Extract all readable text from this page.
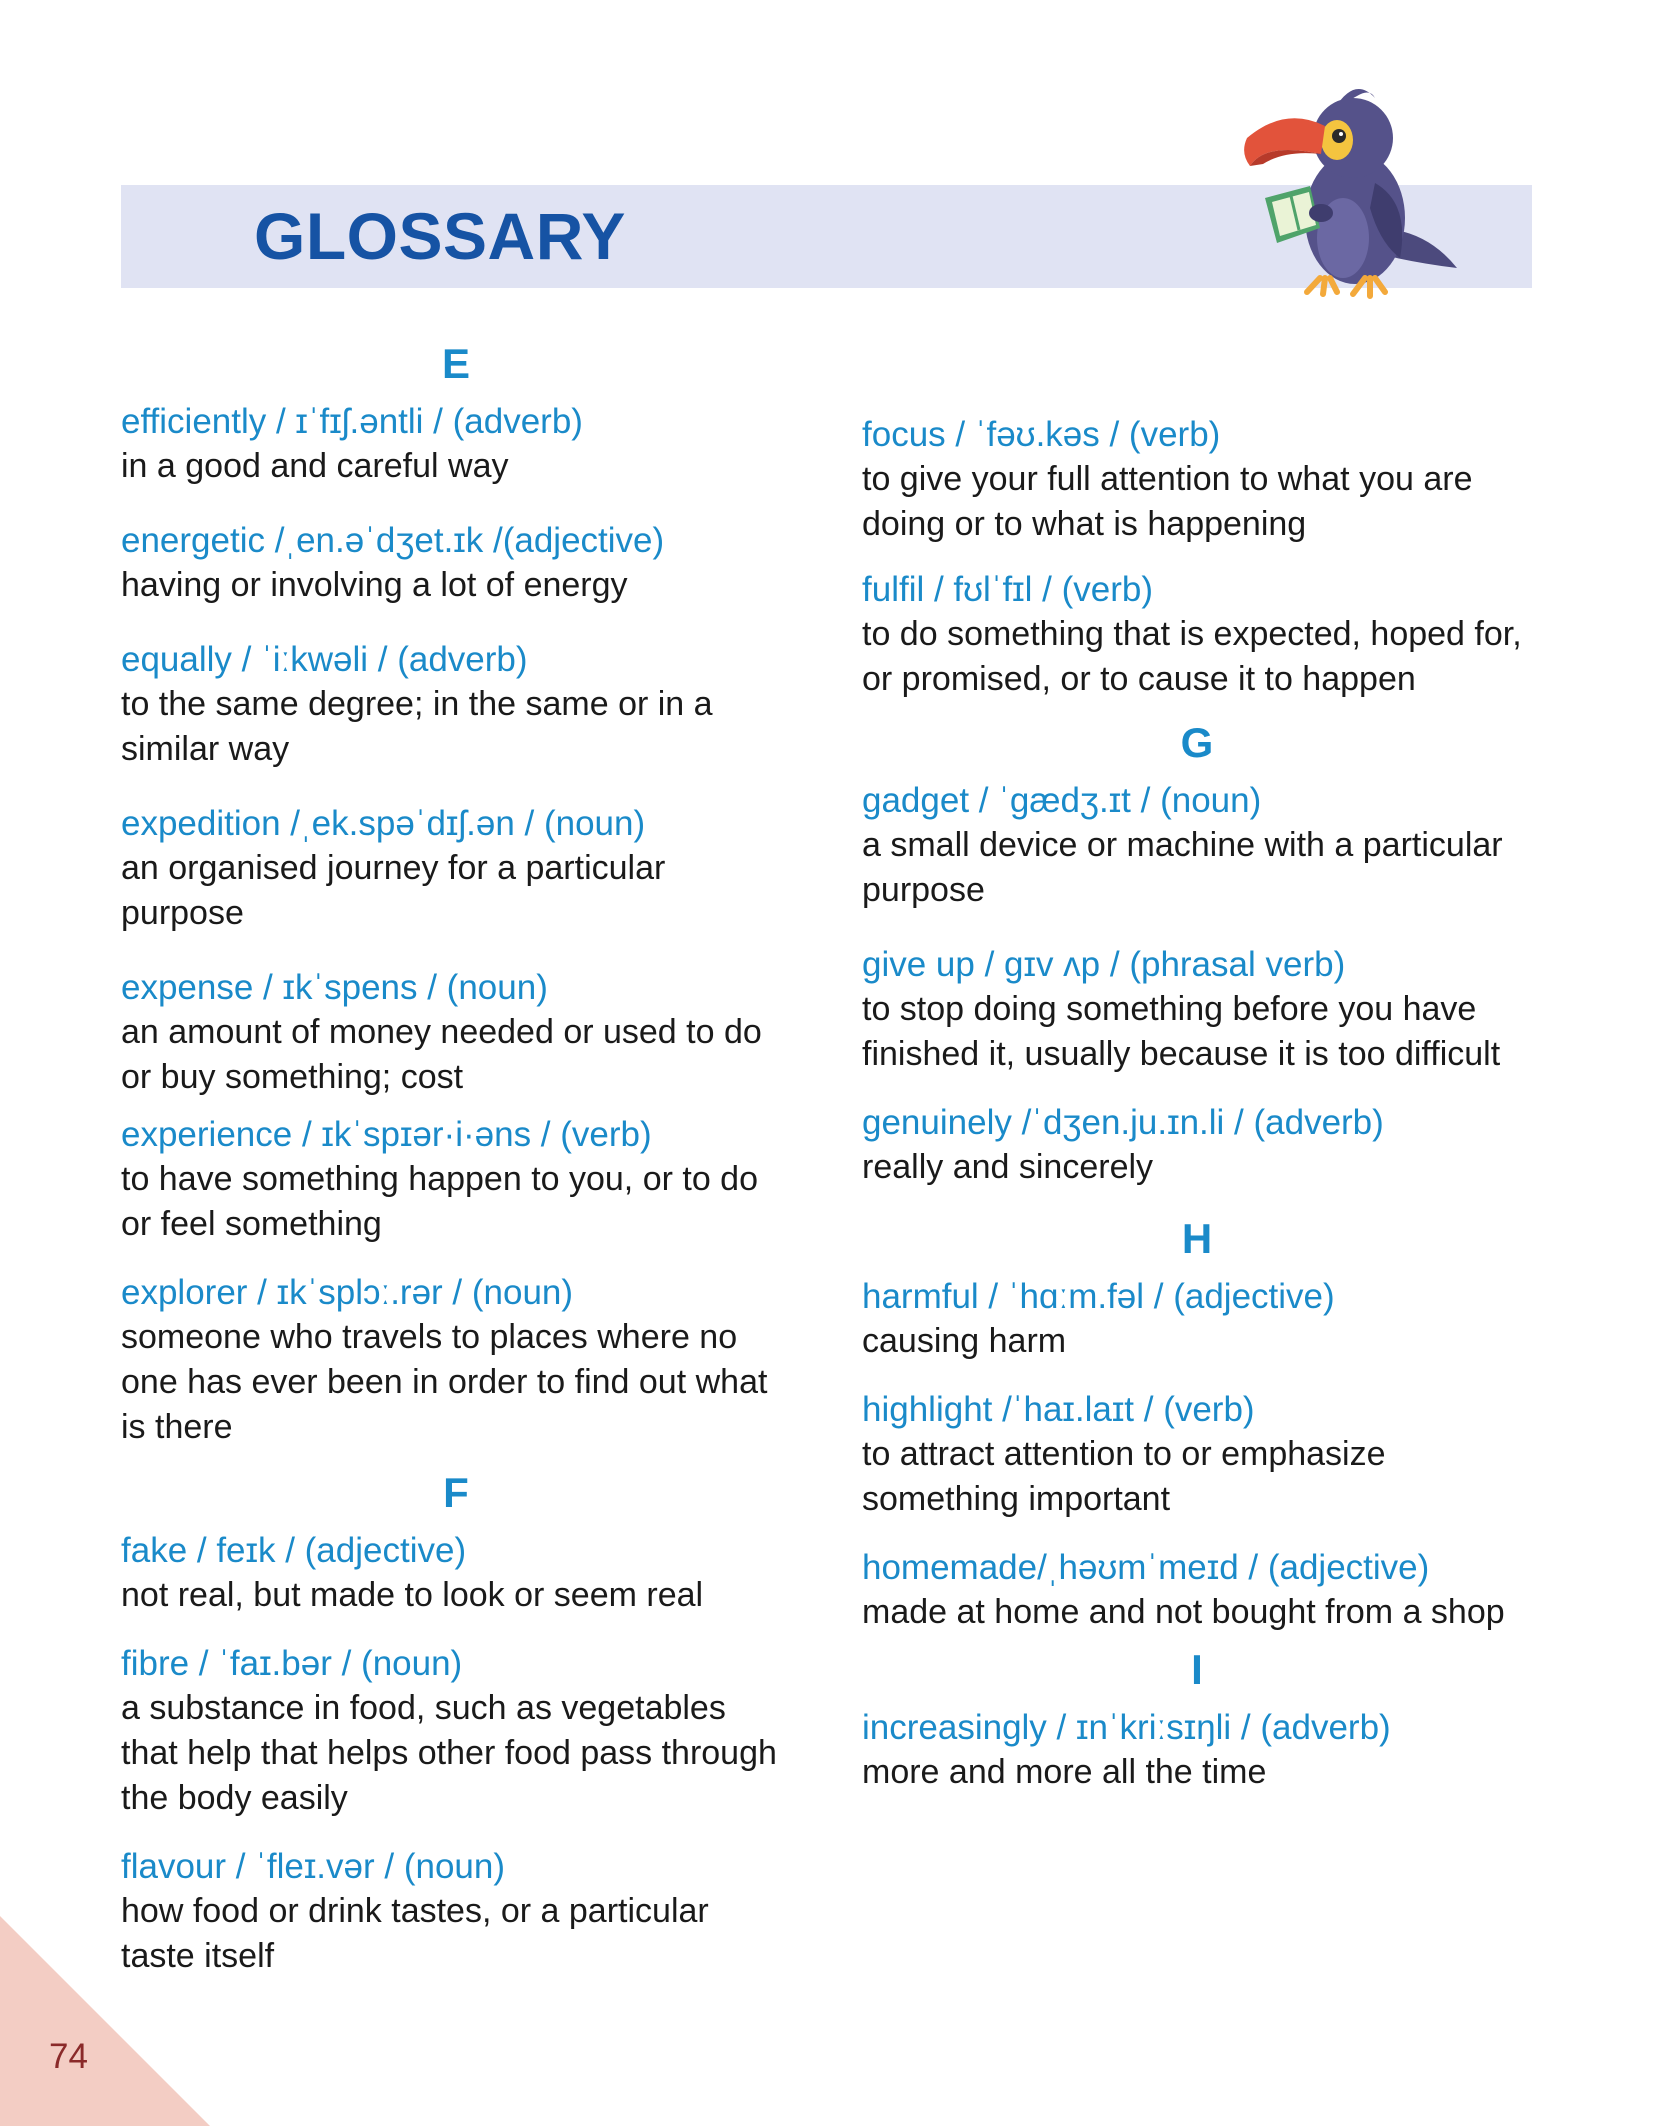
GLOSSARY
E
efficiently / ɪˈfɪʃ.əntli / (adverb)
in a good and careful way
energetic /ˌen.əˈdʒet.ɪk /(adjective)
having or involving a lot of energy
equally / ˈiːkwəli / (adverb)
to the same degree; in the same or in a similar way
expedition /ˌek.spəˈdɪʃ.ən / (noun)
an organised journey for a particular purpose
expense / ɪkˈspens / (noun)
an amount of money needed or used to do or buy something; cost
experience / ɪkˈspɪər·i·əns / (verb)
to have something happen to you, or to do or feel something
explorer / ɪkˈsplɔː.rər / (noun)
someone who travels to places where no one has ever been in order to find out what is there
F
fake / feɪk / (adjective)
not real, but made to look or seem real
fibre / ˈfaɪ.bər / (noun)
a substance in food, such as vegetables that help that helps other food pass through the body easily
flavour / ˈfleɪ.vər / (noun)
how food or drink tastes, or a particular taste itself
focus / ˈfəʊ.kəs / (verb)
to give your full attention to what you are doing or to what is happening
fulfil / fʊlˈfɪl / (verb)
to do something that is expected, hoped for, or promised, or to cause it to happen
G
gadget / ˈɡædʒ.ɪt / (noun)
a small device or machine with a particular purpose
give up / ɡɪv ʌp / (phrasal verb)
to stop doing something before you have finished it, usually because it is too difficult
genuinely /ˈdʒen.ju.ɪn.li / (adverb)
really and sincerely
H
harmful / ˈhɑːm.fəl / (adjective)
causing harm
highlight /ˈhaɪ.laɪt / (verb)
to attract attention to or emphasize something important
homemade/ˌhəʊmˈmeɪd / (adjective)
made at home and not bought from a shop
I
increasingly / ɪnˈkriːsɪŋli / (adverb)
more and more all the time
74
